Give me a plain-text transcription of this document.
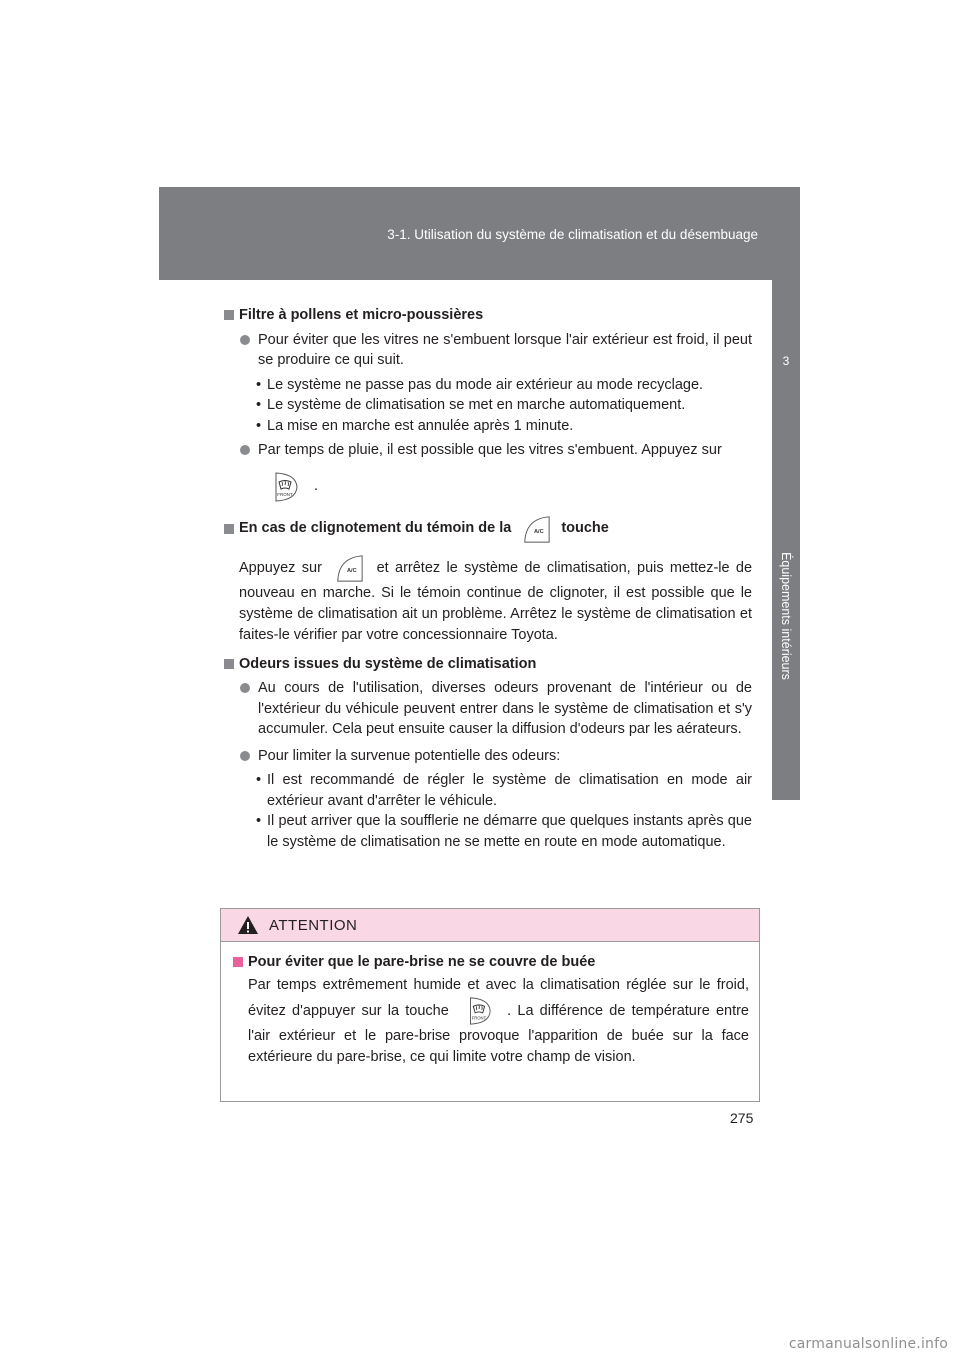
3-1. Utilisation du système de climatisation et du désembuage
3
Équipements intérieurs
Filtre à pollens et micro-poussières
Pour éviter que les vitres ne s'embuent lorsque l'air extérieur est froid, il peut se produire ce qui suit.
• Le système ne passe pas du mode air extérieur au mode recyclage.
• Le système de climatisation se met en marche automatiquement.
• La mise en marche est annulée après 1 minute.
Par temps de pluie, il est possible que les vitres s'embuent. Appuyez sur
FRONT .
En cas de clignotement du témoin de la	A/C touche
Appuyez sur	A/C et arrêtez le système de climatisation, puis mettez-le de nouveau en marche. Si le témoin continue de clignoter, il est possible que le système de climatisation ait un problème. Arrêtez le système de climatisation et faites-le vérifier par votre concessionnaire Toyota.
Odeurs issues du système de climatisation
Au cours de l'utilisation, diverses odeurs provenant de l'intérieur ou de l'extérieur du véhicule peuvent entrer dans le système de climatisation et s'y accumuler. Cela peut ensuite causer la diffusion d'odeurs par les aérateurs.
Pour limiter la survenue potentielle des odeurs:
• Il est recommandé de régler le système de climatisation en mode air extérieur avant d'arrêter le véhicule.
• Il peut arriver que la soufflerie ne démarre que quelques instants après que le système de climatisation ne se mette en route en mode automatique.
ATTENTION
Pour éviter que le pare-brise ne se couvre de buée
Par temps extrêmement humide et avec la climatisation réglée sur le froid, évitez d'appuyer sur la touche	FRONT . La différence de température entre l'air extérieur et le pare-brise provoque l'apparition de buée sur la face extérieure du pare-brise, ce qui limite votre champ de vision.
275
carmanualsonline.info
